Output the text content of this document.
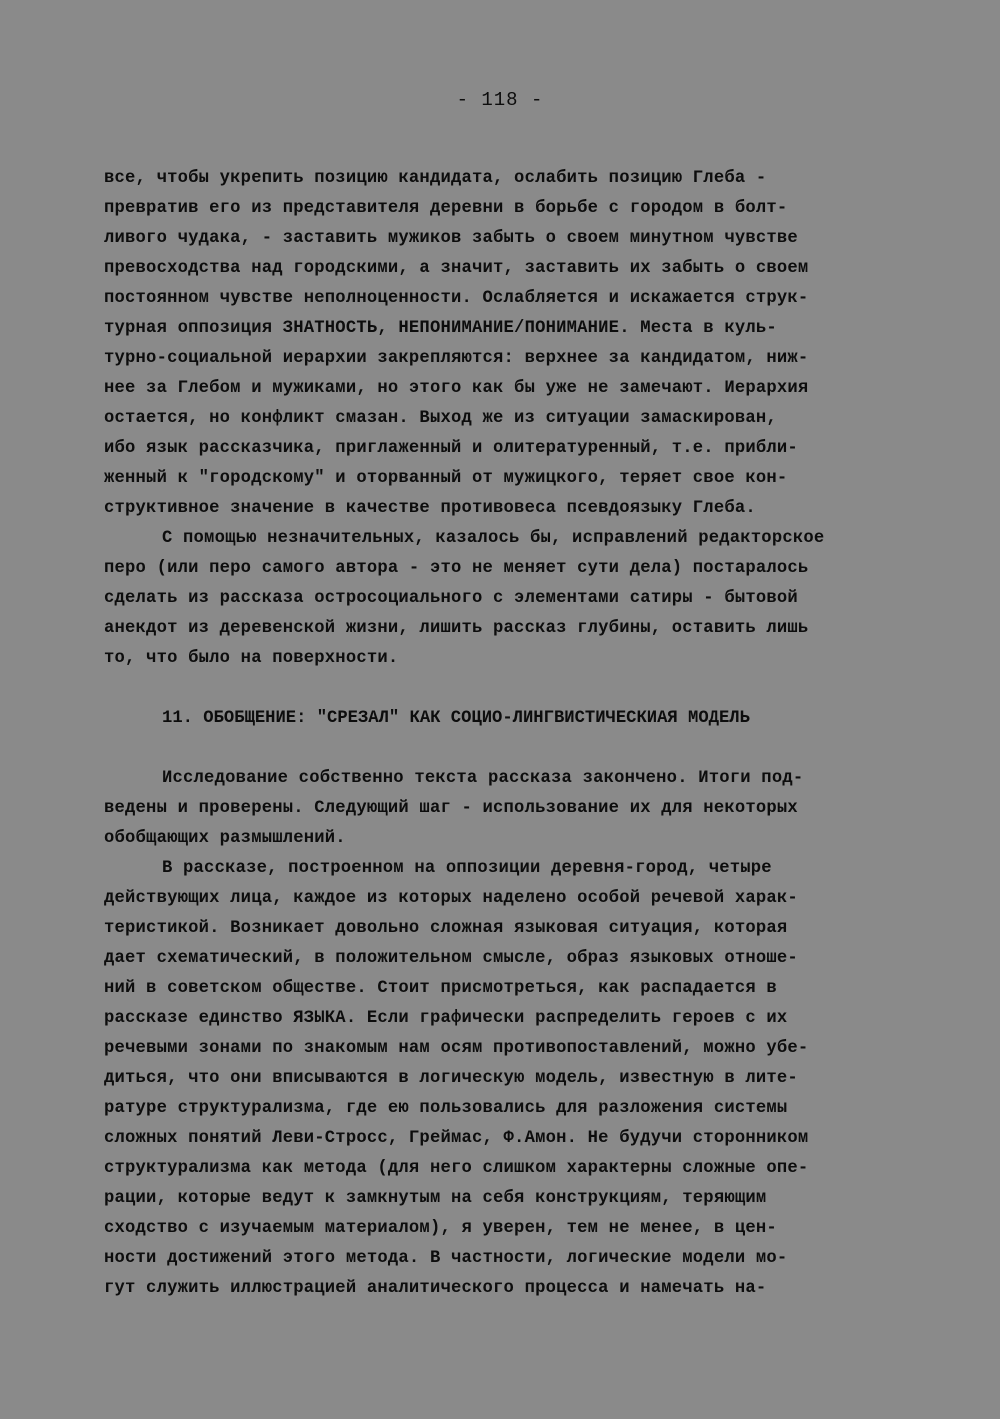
- 118 -
все, чтобы укрепить позицию кандидата, ослабить позицию Глеба -
превратив его из представителя деревни в борьбе с городом в болт-
ливого чудака, - заставить мужиков забыть о своем минутном чувстве
превосходства над городскими, а значит, заставить их забыть о своем
постоянном чувстве неполноценности. Ослабляется и искажается струк-
турная оппозиция ЗНАТНОСТЬ, НЕПОНИМАНИЕ/ПОНИМАНИЕ. Места в куль-
турно-социальной иерархии закрепляются: верхнее за кандидатом, ниж-
нее за Глебом и мужиками, но этого как бы уже не замечают. Иерархия
остается, но конфликт смазан. Выход же из ситуации замаскирован,
ибо язык рассказчика, приглаженный и олитературенный, т.е. прибли-
женный к "городскому" и оторванный от мужицкого, теряет свое кон-
структивное значение в качестве противовеса псевдоязыку Глеба.
С помощью незначительных, казалось бы, исправлений редакторское
перо (или перо самого автора - это не меняет сути дела) постаралось
сделать из рассказа остросоциального с элементами сатиры - бытовой
анекдот из деревенской жизни, лишить рассказ глубины, оставить лишь
то, что было на поверхности.
11. ОБОБЩЕНИЕ: "СРЕЗАЛ" КАК СОЦИО-ЛИНГВИСТИЧЕСКИАЯ МОДЕЛЬ
Исследование собственно текста рассказа закончено. Итоги под-
ведены и проверены. Следующий шаг - использование их для некоторых
обобщающих размышлений.
В рассказе, построенном на оппозиции деревня-город, четыре
действующих лица, каждое из которых наделено особой речевой харак-
теристикой. Возникает довольно сложная языковая ситуация, которая
дает схематический, в положительном смысле, образ языковых отноше-
ний в советском обществе. Стоит присмотреться, как распадается в
рассказе единство ЯЗЫКА. Если графически распределить героев с их
речевыми зонами по знакомым нам осям противопоставлений, можно убе-
диться, что они вписываются в логическую модель, известную в лите-
ратуре структурализма, где ею пользовались для разложения системы
сложных понятий Леви-Стросс, Греймас, Ф.Амон. Не будучи сторонником
структурализма как метода (для него слишком характерны сложные опе-
рации, которые ведут к замкнутым на себя конструкциям, теряющим
сходство с изучаемым материалом), я уверен, тем не менее, в цен-
ности достижений этого метода. В частности, логические модели мо-
гут служить иллюстрацией аналитического процесса и намечать на-
